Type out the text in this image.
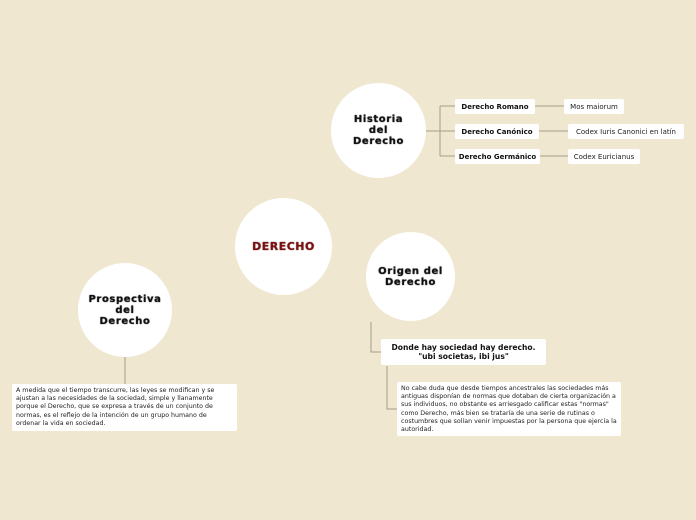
DERECHO
Historia del Derecho
Derecho Romano
Derecho Canónico
Derecho Germánico
Mos maiorum
Codex Iuris Canonici en latín
Codex Euricianus
Origen del Derecho
Donde hay sociedad hay derecho.
"ubi societas, ibi jus"
No cabe duda que desde tiempos ancestrales las sociedades más antiguas disponían de normas que dotaban de cierta organización a sus individuos, no obstante es arriesgado calificar estas "normas" como Derecho, más bien se trataría de una serie de rutinas o costumbres que solían venir impuestas por la persona que ejercía la autoridad.
Prospectiva del Derecho
A medida que el tiempo transcurre, las leyes se modifican y se ajustan a las necesidades de la sociedad, simple y llanamente porque el Derecho, que se expresa a través de un conjunto de normas, es el reflejo de la intención de un grupo humano de ordenar la vida en sociedad.
